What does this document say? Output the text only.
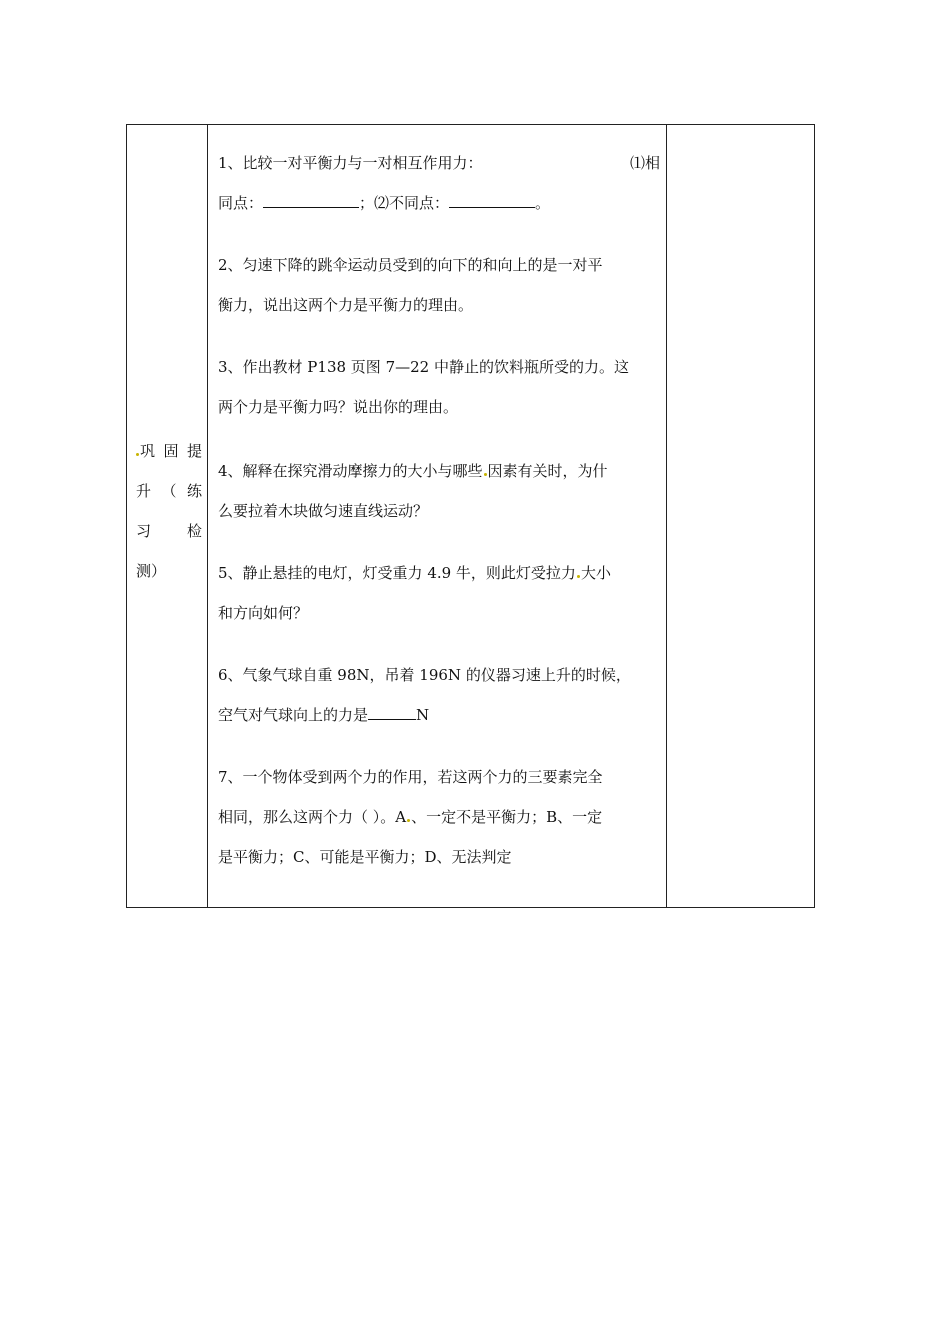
巩 固 提
升 （ 练
习 检
测）
1、比较一对平衡力与一对相互作用力：	⑴相
同点：	；⑵不同点：	。
2、匀速下降的跳伞运动员受到的向下的和向上的是一对平
衡力，说出这两个力是平衡力的理由。
3、作出教材 P138 页图 7—22 中静止的饮料瓶所受的力。这
两个力是平衡力吗？说出你的理由。
4、解释在探究滑动摩擦力的大小与哪些 因素有关时，为什
么要拉着木块做匀速直线运动？
5、静止悬挂的电灯，灯受重力 4.9 牛，则此灯受拉力 大小
和方向如何？
6、气象气球自重 98N，吊着 196N 的仪器习速上升的时候，
空气对气球向上的力是	N
7、一个物体受到两个力的作用，若这两个力的三要素完全
相同，那么这两个力（ ）。A 、一定不是平衡力；B、一定
是平衡力；C、可能是平衡力；D、无法判定
